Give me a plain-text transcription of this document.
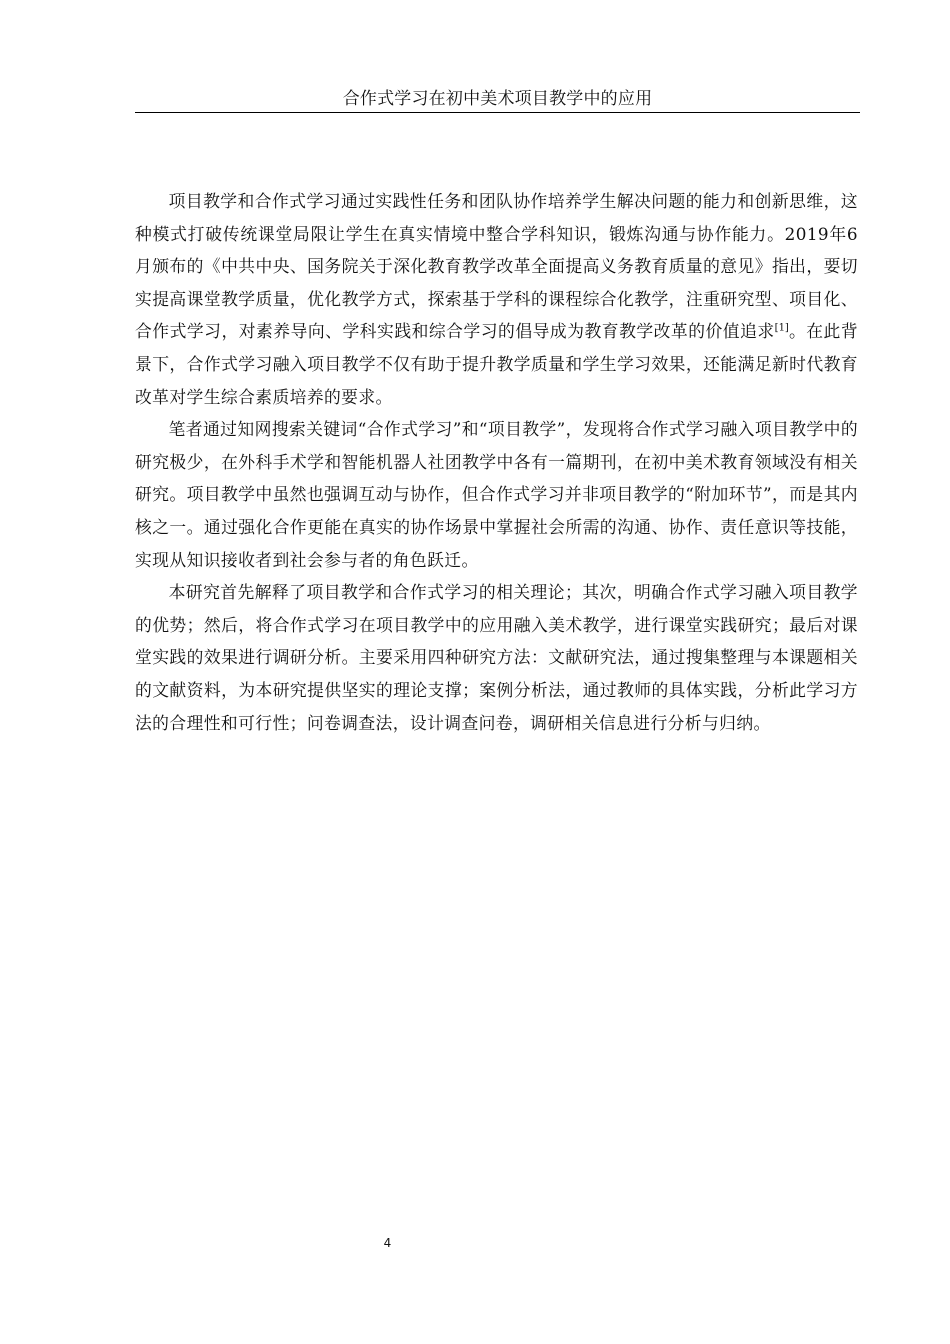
合作式学习在初中美术项目教学中的应用

项目教学和合作式学习通过实践性任务和团队协作培养学生解决问题的能力和创新思维，这种模式打破传统课堂局限让学生在真实情境中整合学科知识，锻炼沟通与协作能力。2019年6月颁布的《中共中央、国务院关于深化教育教学改革全面提高义务教育质量的意见》指出，要切实提高课堂教学质量，优化教学方式，探索基于学科的课程综合化教学，注重研究型、项目化、合作式学习，对素养导向、学科实践和综合学习的倡导成为教育教学改革的价值追求[1]。在此背景下，合作式学习融入项目教学不仅有助于提升教学质量和学生学习效果，还能满足新时代教育改革对学生综合素质培养的要求。

笔者通过知网搜索关键词“合作式学习”和“项目教学”，发现将合作式学习融入项目教学中的研究极少，在外科手术学和智能机器人社团教学中各有一篇期刊，在初中美术教育领域没有相关研究。项目教学中虽然也强调互动与协作，但合作式学习并非项目教学的“附加环节”，而是其内核之一。通过强化合作更能在真实的协作场景中掌握社会所需的沟通、协作、责任意识等技能，实现从知识接收者到社会参与者的角色跃迁。

本研究首先解释了项目教学和合作式学习的相关理论；其次，明确合作式学习融入项目教学的优势；然后，将合作式学习在项目教学中的应用融入美术教学，进行课堂实践研究；最后对课堂实践的效果进行调研分析。主要采用四种研究方法：文献研究法，通过搜集整理与本课题相关的文献资料，为本研究提供坚实的理论支撑；案例分析法，通过教师的具体实践，分析此学习方法的合理性和可行性；问卷调查法，设计调查问卷，调研相关信息进行分析与归纳。

4
